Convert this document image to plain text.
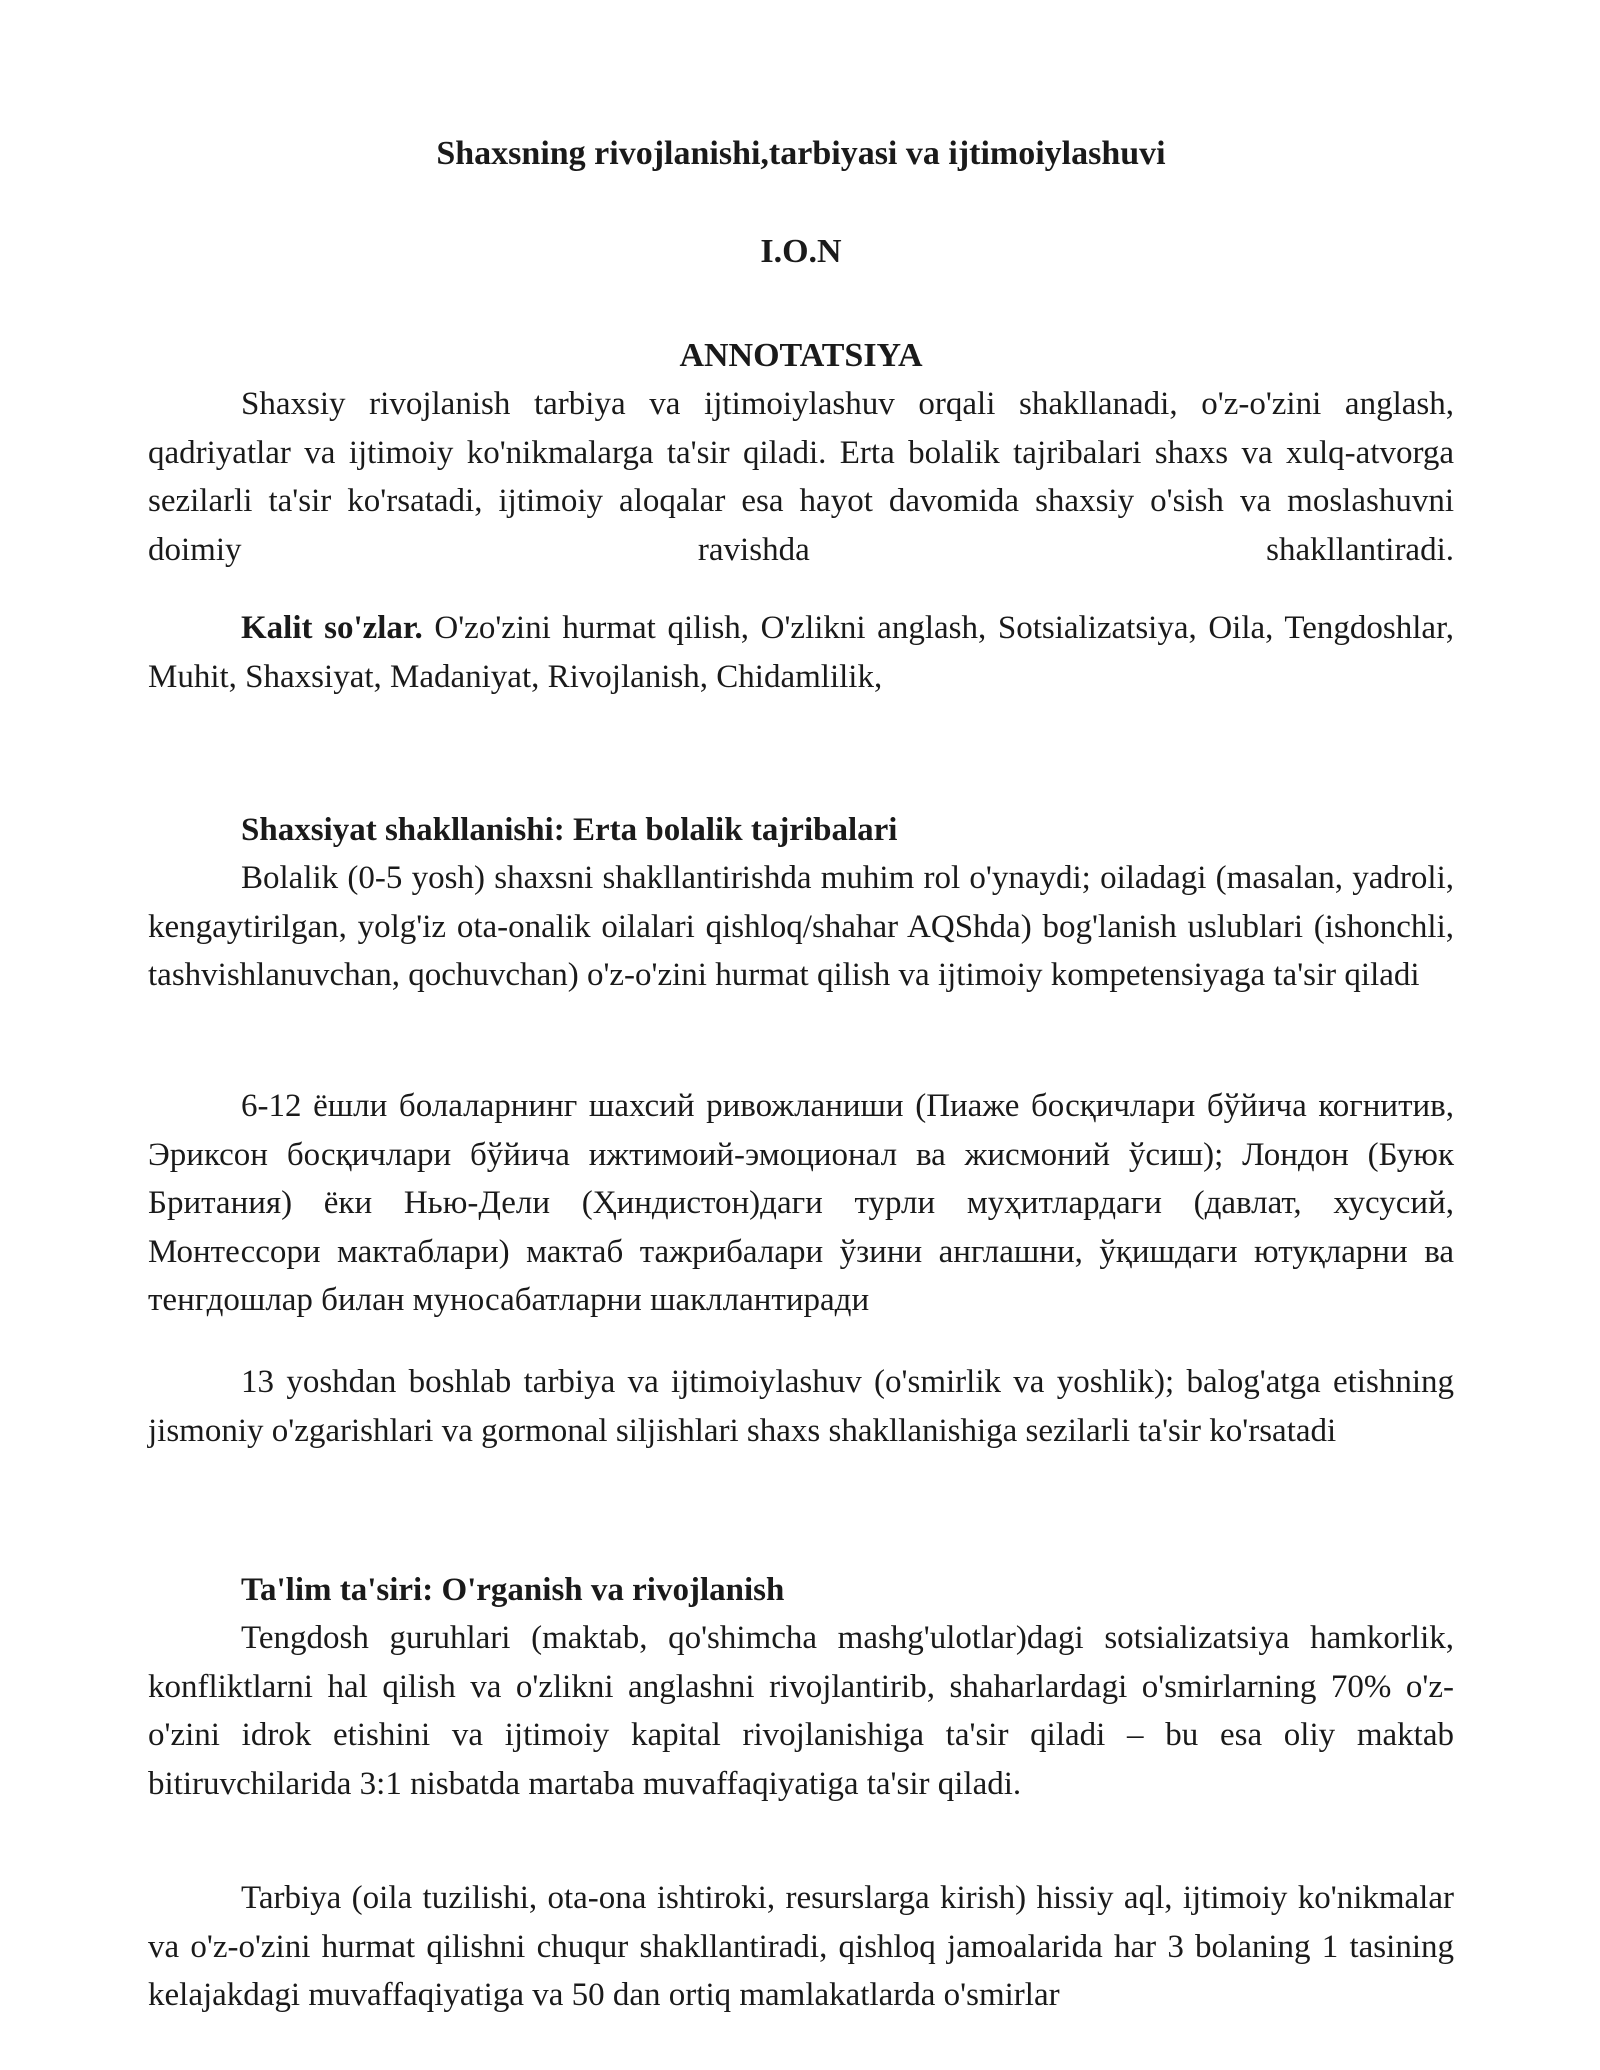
Shaxsning rivojlanishi,tarbiyasi va ijtimoiylashuvi
I.O.N
ANNOTATSIYA
Shaxsiy rivojlanish tarbiya va ijtimoiylashuv orqali shakllanadi, o'z-o'zini anglash, qadriyatlar va ijtimoiy ko'nikmalarga ta'sir qiladi. Erta bolalik tajribalari shaxs va xulq-atvorga sezilarli ta'sir ko'rsatadi, ijtimoiy aloqalar esa hayot davomida shaxsiy o'sish va moslashuvni doimiy ravishda shakllantiradi.
Kalit so'zlar. O'zo'zini hurmat qilish, O'zlikni anglash, Sotsializatsiya, Oila, Tengdoshlar, Muhit, Shaxsiyat, Madaniyat, Rivojlanish, Chidamlilik,
Shaxsiyat shakllanishi: Erta bolalik tajribalari
Bolalik (0-5 yosh) shaxsni shakllantirishda muhim rol o'ynaydi; oiladagi (masalan, yadroli, kengaytirilgan, yolg'iz ota-onalik oilalari qishloq/shahar AQShda) bog'lanish uslublari (ishonchli, tashvishlanuvchan, qochuvchan) o'z-o'zini hurmat qilish va ijtimoiy kompetensiyaga ta'sir qiladi
6-12 ёшли болаларнинг шахсий ривожланиши (Пиаже босқичлари бўйича когнитив, Эриксон босқичлари бўйича ижтимоий-эмоционал ва жисмоний ўсиш); Лондон (Буюк Британия) ёки Нью-Дели (Ҳиндистон)даги турли муҳитлардаги (давлат, хусусий, Монтессори мактаблари) мактаб тажрибалари ўзини англашни, ўқишдаги ютуқларни ва тенгдошлар билан муносабатларни шакллантиради
13 yoshdan boshlab tarbiya va ijtimoiylashuv (o'smirlik va yoshlik); balog'atga etishning jismoniy o'zgarishlari va gormonal siljishlari shaxs shakllanishiga sezilarli ta'sir ko'rsatadi
Ta'lim ta'siri: O'rganish va rivojlanish
Tengdosh guruhlari (maktab, qo'shimcha mashg'ulotlar)dagi sotsializatsiya hamkorlik, konfliktlarni hal qilish va o'zlikni anglashni rivojlantirib, shaharlardagi o'smirlarning 70% o'z-o'zini idrok etishini va ijtimoiy kapital rivojlanishiga ta'sir qiladi – bu esa oliy maktab bitiruvchilarida 3:1 nisbatda martaba muvaffaqiyatiga ta'sir qiladi.
Tarbiya (oila tuzilishi, ota-ona ishtiroki, resurslarga kirish) hissiy aql, ijtimoiy ko'nikmalar va o'z-o'zini hurmat qilishni chuqur shakllantiradi, qishloq jamoalarida har 3 bolaning 1 tasining kelajakdagi muvaffaqiyatiga va 50 dan ortiq mamlakatlarda o'smirlar
